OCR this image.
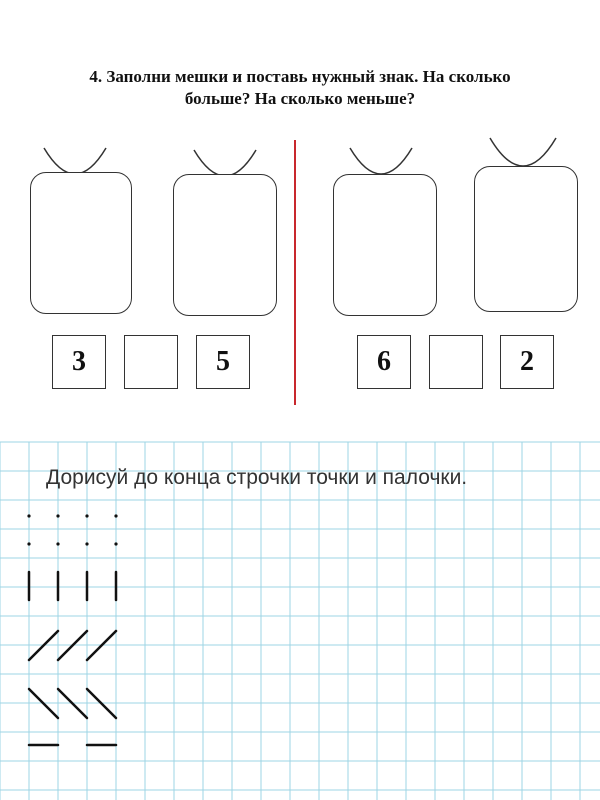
4. Заполни мешки и поставь нужный знак. На сколько
больше? На сколько меньше?
3	5	6	2
Дорисуй до конца строчки точки и палочки.
